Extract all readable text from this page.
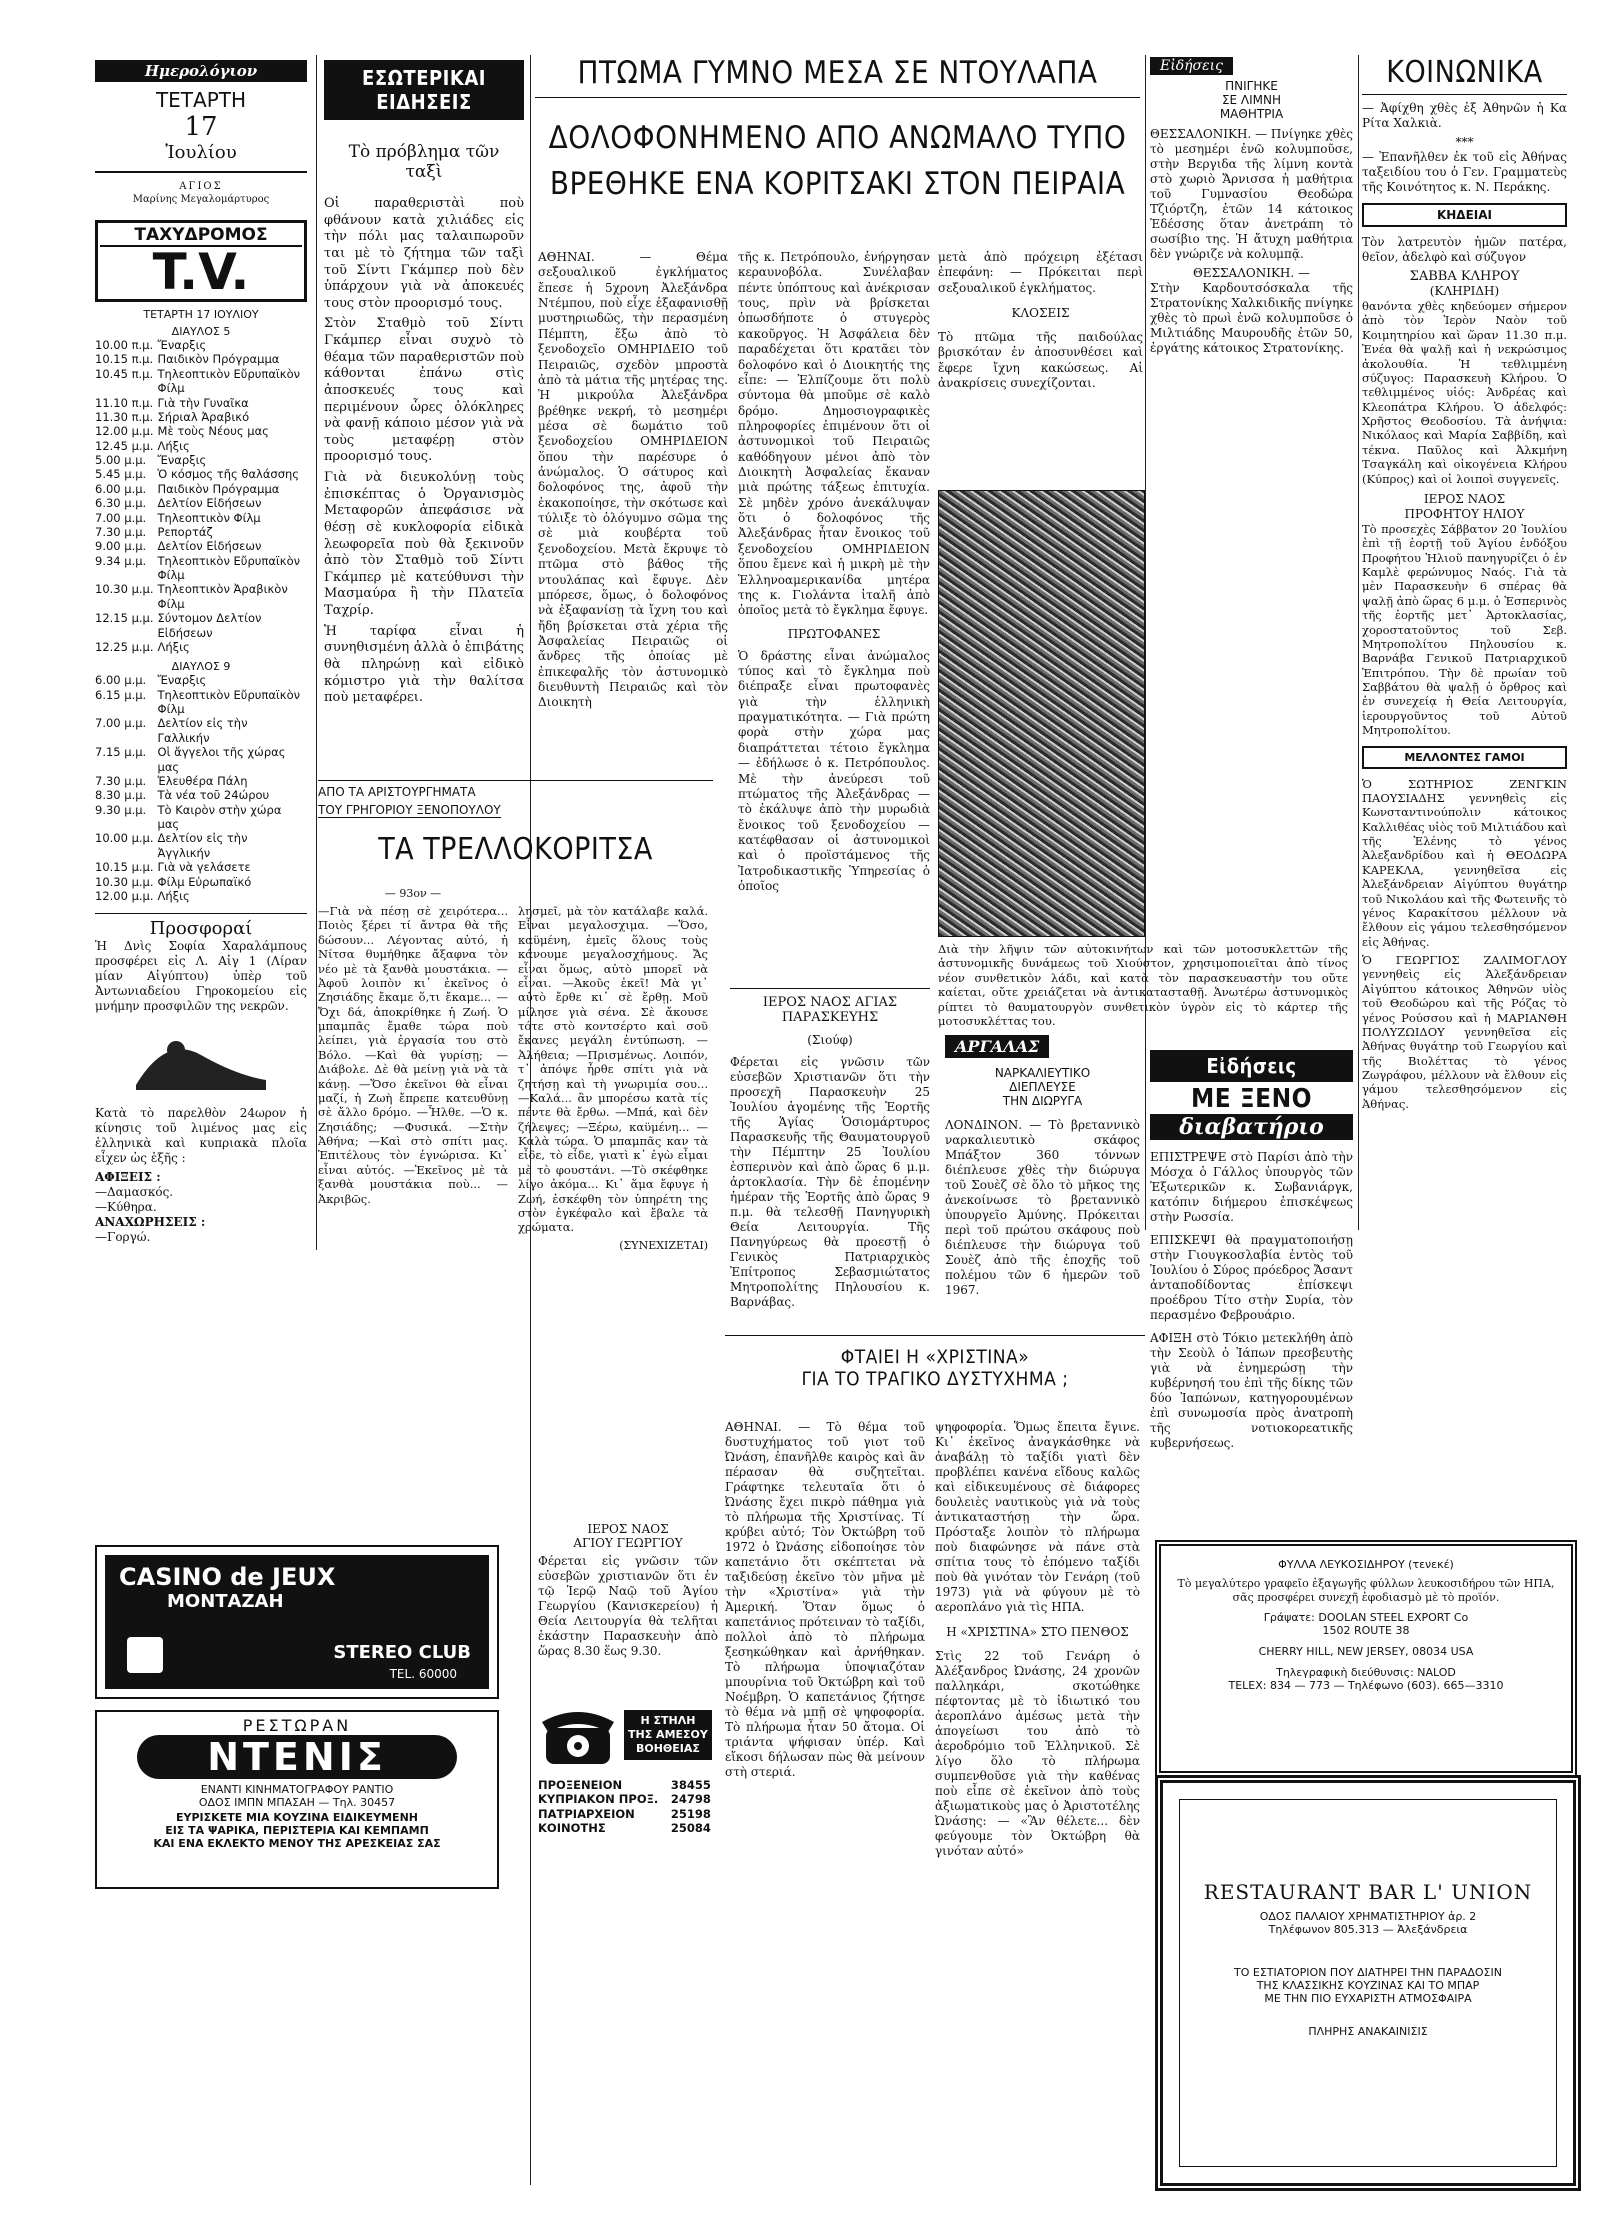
Ημερολόγιον
ΤΕΤΑΡΤΗ
17
Ἰουλίου
ΑΓΙΟΣ
Μαρίνης Μεγαλομάρτυρος
ΤΑΧΥΔΡΟΜΟΣ
T.V.
ΤΕΤΑΡΤΗ 17 ΙΟΥΛΙΟΥ
ΔΙΑΥΛΟΣ 5
10.00 π.μ.	Ἔναρξις
10.15 π.μ.	Παιδικὸν Πρόγραμμα
10.45 π.μ.	Τηλεοπτικὸν Εὔρυπαϊκὸν Φίλμ
11.10 π.μ.	Γιὰ τὴν Γυναῖκα
11.30 π.μ.	Σήριαλ Ἀραβικό
12.00 μ.μ.	Μὲ τοὺς Νέους μας
12.45 μ.μ.	Λήξις
5.00 μ.μ.	Ἔναρξις
5.45 μ.μ.	Ὁ κόσμος τῆς θαλάσσης
6.00 μ.μ.	Παιδικὸν Πρόγραμμα
6.30 μ.μ.	Δελτίον Εἰδήσεων
7.00 μ.μ.	Τηλεοπτικὸν Φίλμ
7.30 μ.μ.	Ρεπορτάζ
9.00 μ.μ.	Δελτίον Εἰδήσεων
9.34 μ.μ.	Τηλεοπτικὸν Εὔρυπαϊκὸν Φίλμ
10.30 μ.μ.	Τηλεοπτικὸν Ἀραβικὸν Φίλμ
12.15 μ.μ.	Σύντομον Δελτίον Εἰδήσεων
12.25 μ.μ.	Λήξις
ΔΙΑΥΛΟΣ 9
6.00 μ.μ.	Ἔναρξις
6.15 μ.μ.	Τηλεοπτικὸν Εὔρυπαϊκὸν Φίλμ
7.00 μ.μ.	Δελτίον εἰς τὴν Γαλλικήν
7.15 μ.μ.	Οἱ ἄγγελοι τῆς χώρας μας
7.30 μ.μ.	Ἐλευθέρα Πάλη
8.30 μ.μ.	Τὰ νέα τοῦ 24ώρου
9.30 μ.μ.	Τὸ Καιρὸν στὴν χώρα μας
10.00 μ.μ.	Δελτίον εἰς τὴν Ἀγγλικήν
10.15 μ.μ.	Γιὰ νὰ γελάσετε
10.30 μ.μ.	Φίλμ Εὐρωπαϊκό
12.00 μ.μ.	Λήξις
Προσφοραί

Ἡ Δνὶς Σοφία Χαραλάμπους προσφέρει εἰς Λ. Αἰγ 1 (Λίραν μίαν Αἰγύπτου) ὑπὲρ τοῦ Ἀντωνιαδείου Γηροκομείου εἰς μνήμην προσφιλῶν της νεκρῶν.

Κατὰ τὸ παρελθὸν 24ωρον ἡ κίνησις τοῦ λιμένος μας εἰς ἑλληνικὰ καὶ κυπριακὰ πλοῖα εἶχεν ὡς ἑξῆς :

ΑΦΙΞΕΙΣ :
—Δαμασκός.
—Κύθηρα.
ΑΝΑΧΩΡΗΣΕΙΣ :
—Γοργώ.
ΕΣΩΤΕΡΙΚΑΙ
ΕΙΔΗΣΕΙΣ
Τὸ πρόβλημα τῶν ταξὶ

Οἱ παραθεριστὰὶ ποὺ φθάνουν κατὰ χιλιάδες εἰς τὴν πόλι μας ταλαιπωροῦν ται μὲ τὸ ζήτημα τῶν ταξὶ τοῦ Σίντι Γκάμπερ ποὺ δὲν ὑπάρχουν γιὰ νὰ ἀποκευές τους στὸν προορισμό τους.

Στὸν Σταθμὸ τοῦ Σίντι Γκάμπερ εἶναι συχνὸ τὸ θέαμα τῶν παραθεριστῶν ποὺ κάθονται ἐπάνω στὶς ἀποσκευές τους καὶ περιμένουν ὧρες ὁλόκληρες νὰ φανῇ κάποιο μέσον γιὰ νὰ τοὺς μεταφέρῃ στὸν προορισμό τους.

Γιὰ νὰ διευκολύνῃ τοὺς ἐπισκέπτας ὁ Ὀργανισμὸς Μεταφορῶν ἀπεφάσισε νὰ θέσῃ σὲ κυκλοφορία εἰδικὰ λεωφορεῖα ποὺ θὰ ξεκινοῦν ἀπὸ τὸν Σταθμὸ τοῦ Σίντι Γκάμπερ μὲ κατεύθυνσι τὴν Μασμαύρα ἢ τὴν Πλατεῖα Ταχρίρ.

Ἡ ταρίφα εἶναι ἡ συνηθισμένη ἀλλὰ ὁ ἐπιβάτης θὰ πληρώνῃ καὶ εἰδικὸ κόμιστρο γιὰ τὴν θαλίτσα ποὺ μεταφέρει.

ΑΠΟ ΤΑ ΑΡΙΣΤΟΥΡΓΗΜΑΤΑ
ΤΟΥ ΓΡΗΓΟΡΙΟΥ ΞΕΝΟΠΟΥΛΟΥ
ΤΑ ΤΡΕΛΛΟΚΟΡΙΤΣΑ
— 93ον —

—Γιὰ νὰ πέσῃ σὲ χειρότερα... Ποιὸς ξέρει τί ἄντρα θὰ τῆς δώσουν... Λέγοντας αὐτό, ἡ Νίτσα θυμήθηκε ἄξαφνα τὸν νέο μὲ τὰ ξανθὰ μουστάκια. —Ἀφοῦ λοιπὸν κι᾿ ἐκεῖνος ὁ Ζησιάδης ἔκαμε ὅ,τι ἔκαμε... —Ὄχι δά, ἀποκρίθηκε ἡ Ζωή. Ὁ μπαμπᾶς ἔμαθε τώρα ποὺ λείπει, γιὰ ἐργασία του στὸ Βόλο. —Καὶ θὰ γυρίσῃ; —Διάβολε. Δὲ θὰ μείνῃ γιὰ νὰ τὰ κάνῃ. —Ὅσο ἐκεῖνοι θὰ εἶναι μαζί, ἡ Ζωὴ ἔπρεπε κατευθύνῃ σὲ ἄλλο δρόμο. —Ἦλθε. —Ὁ κ. Ζησιάδης; —Φυσικά. —Στὴν Ἀθήνα; —Καὶ στὸ σπίτι μας. Ἐπιτέλους τὸν ἐγνώρισα. Κι᾿ εἶναι αὐτός. —Ἐκεῖνος μὲ τὰ ξανθὰ μουστάκια ποὺ... —Ἀκριβῶς.

λησμεῖ, μὰ τὸν κατάλαβε καλά. Εἶναι μεγαλοσχιμα. —Ὅσο, καϋμένη, ἐμεῖς ὅλους τοὺς κάνουμε μεγαλοσχήμους. Ἄς εἶναι ὅμως, αὐτὸ μπορεῖ νὰ εἶναι. —Ἀκοῦς ἐκεῖ! Μὰ γι᾿ αὐτὸ ἔρθε κι᾿ σὲ ἔρθῃ. Μοῦ μίλησε γιὰ σένα. Σὲ ἄκουσε τότε στὸ κοντσέρτο καὶ σοῦ ἔκανες μεγάλη ἐντύπωση. —Ἀλήθεια; —Πρισμένως. Λοιπόν, τ᾿ ἀπόψε ἦρθε σπίτι γιὰ νὰ ζητήσῃ καὶ τὴ γνωριμία σου... —Καλά... ἂν μπορέσω κατὰ τίς πέντε θὰ ἔρθω. —Μπά, καὶ δὲν ζήλεψες; —Ξέρω, καϋμένη... —Καλὰ τώρα. Ὁ μπαμπᾶς καν τὰ εἶδε, τὸ εἶδε, γιατὶ κ᾿ ἐγὼ εἶμαι μὲ τὸ φουστάνι. —Τὸ σκέφθηκε λίγο ἀκόμα... Κι᾿ ἅμα ἔφυγε ἡ Ζωή, ἐσκέφθη τὸν ὑπηρέτη της στὸν ἐγκέφαλο καὶ ἔβαλε τὰ χρώματα.

(ΣΥΝΕΧΙΖΕΤΑΙ)
ΙΕΡΟΣ ΝΑΟΣ
ΑΓΙΟΥ ΓΕΩΡΓΙΟΥ

Φέρεται εἰς γνῶσιν τῶν εὐσεβῶν χριστιανῶν ὅτι ἐν τῷ Ἱερῷ Ναῷ τοῦ Ἁγίου Γεωργίου (Κανισκερείου) ἡ Θεία Λειτουργία θὰ τελῆται ἑκάστην Παρασκευὴν ἀπὸ ὥρας 8.30 ἕως 9.30.

Η ΣΤΗΛΗ
ΤΗΣ ΑΜΕΣΟΥ
ΒΟΗΘΕΙΑΣ
ΠΡΟΞΕΝΕΙΟΝ	38455
ΚΥΠΡΙΑΚΟΝ ΠΡΟΞ.	24798
ΠΑΤΡΙΑΡΧΕΙΟΝ	25198
ΚΟΙΝΟΤΗΣ	25084
ΠΤΩΜΑ ΓΥΜΝΟ ΜΕΣΑ ΣΕ ΝΤΟΥΛΑΠΑ
ΔΟΛΟΦΟΝΗΜΕΝΟ ΑΠΟ ΑΝΩΜΑΛΟ ΤΥΠΟ
ΒΡΕΘΗΚΕ ΕΝΑ ΚΟΡΙΤΣΑΚΙ ΣΤΟΝ ΠΕΙΡΑΙΑ

ΑΘΗΝΑΙ. — Θέμα σεξουαλικοῦ ἐγκλήματος ἔπεσε ἡ 5χρονη Ἀλεξάνδρα Ντέμπου, ποὺ εἶχε ἐξαφανισθῇ μυστηριωδῶς, τὴν περασμένη Πέμπτη, ἔξω ἀπὸ τὸ ξενοδοχεῖο ΟΜΗΡΙΔΕΙΟ τοῦ Πειραιῶς, σχεδὸν μπροστὰ ἀπὸ τὰ μάτια τῆς μητέρας της. Ἡ μικρούλα Ἀλεξάνδρα βρέθηκε νεκρή, τὸ μεσημέρι μέσα σὲ δωμάτιο τοῦ ξενοδοχείου ΟΜΗΡΙΔΕΙΟΝ ὅπου τὴν παρέσυρε ὁ ἀνώμαλος. Ὁ σάτυρος καὶ δολοφόνος της, ἀφοῦ τὴν ἐκακοποίησε, τὴν σκότωσε καὶ τύλιξε τὸ ὁλόγυμνο σῶμα της σὲ μιὰ κουβέρτα τοῦ ξενοδοχείου. Μετὰ ἔκρυψε τὸ πτῶμα στὸ βάθος τῆς ντουλάπας καὶ ἔφυγε. Δὲν μπόρεσε, ὅμως, ὁ δολοφόνος νὰ ἐξαφανίσῃ τὰ ἴχνη του καὶ ἤδη βρίσκεται στὰ χέρια τῆς Ἀσφαλείας Πειραιῶς οἱ ἄνδρες τῆς ὁποίας μὲ ἐπικεφαλῆς τὸν ἀστυνομικὸ διευθυντὴ Πειραιῶς καὶ τὸν Διοικητὴ

τῆς κ. Πετρόπουλο, ἐνήργησαν κεραυνοβόλα. Συνέλαβαν πέντε ὑπόπτους καὶ ἀνέκρισαν τους, πρὶν νὰ βρίσκεται ὁπωσδήποτε ὁ στυγερὸς κακοῦργος. Ἡ Ἀσφάλεια δὲν παραδέχεται ὅτι κρατᾶει τὸν δολοφόνο καὶ ὁ Διοικητής της εἶπε: — Ἐλπίζουμε ὅτι πολὺ σύντομα θὰ μποῦμε σὲ καλὸ δρόμο. Δημοσιογραφικὲς πληροφορίες ἐπιμένουν ὅτι οἱ ἀστυνομικοὶ τοῦ Πειραιῶς καθόδηγουν μένοι ἀπὸ τὸν Διοικητὴ Ἀσφαλείας ἔκαναν μιὰ πρώτης τάξεως ἐπιτυχία. Σὲ μηδὲν χρόνο ἀνεκάλυψαν ὅτι ὁ δολοφόνος τῆς Ἀλεξάνδρας ἦταν ἔνοικος τοῦ ξενοδοχείου ΟΜΗΡΙΔΕΙΟΝ ὅπου ἔμενε καὶ ἡ μικρὴ μὲ τὴν Ἑλληνοαμερικανίδα μητέρα της κ. Γιολάντα ἰταλῆ ἀπὸ ὁποῖος μετὰ τὸ ἔγκλημα ἔφυγε.

ΠΡΩΤΟΦΑΝΕΣ

Ὁ δράστης εἶναι ἀνώμαλος τύπος καὶ τὸ ἔγκλημα ποὺ διέπραξε εἶναι πρωτοφανὲς γιὰ τὴν ἑλληνικὴ πραγματικότητα. — Γιὰ πρώτη φορὰ στὴν χώρα μας διαπράττεται τέτοιο ἔγκλημα — ἐδήλωσε ὁ κ. Πετρόπουλος. Μὲ τὴν ἀνεύρεσι τοῦ πτώματος τῆς Ἀλεξάνδρας — τὸ ἐκάλυψε ἀπὸ τὴν μυρωδιὰ ἔνοικος τοῦ ξενοδοχείου — κατέφθασαν οἱ ἀστυνομικοὶ καὶ ὁ προϊστάμενος τῆς Ἰατροδικαστικῆς Ὑπηρεσίας ὁ ὁποῖος

μετὰ ἀπὸ πρόχειρη ἐξέτασι ἐπεφάνη: — Πρόκειται περὶ σεξουαλικοῦ ἐγκλήματος.

ΚΛΟΣΕΙΣ

Τὸ πτῶμα τῆς παιδούλας βρισκόταν ἐν ἀποσυνθέσει καὶ ἔφερε ἴχνη κακώσεως. Αἱ ἀνακρίσεις συνεχίζονται.

Διὰ τὴν λῆψιν τῶν αὐτοκινήτων καὶ τῶν μοτοσυκλεττῶν τῆς ἀστυνομικῆς δυνάμεως τοῦ Χιούστον, χρησιμοποιεῖται ἀπὸ τίνος νέον συνθετικὸν λάδι, καὶ κατὰ τὸν παρασκευαστὴν του οὔτε καίεται, οὔτε χρειάζεται νὰ ἀντικατασταθῇ. Ἀνωτέρω ἀστυνομικὸς ρίπτει τὸ θαυματουργὸν συνθετικὸν ὑγρὸν εἰς τὸ κάρτερ τῆς μοτοσυκλέττας του.

ΙΕΡΟΣ ΝΑΟΣ ΑΓΙΑΣ
ΠΑΡΑΣΚΕΥΗΣ
(Σιούφ)

Φέρεται εἰς γνῶσιν τῶν εὐσεβῶν Χριστιανῶν ὅτι τὴν προσεχῆ Παρασκευὴν 25 Ἰουλίου ἀγομένης τῆς Ἑορτῆς τῆς Ἁγίας Ὁσιομάρτυρος Παρασκευῆς τῆς Θαυματουργοῦ τὴν Πέμπτην 25 Ἰουλίου ἑσπερινὸν καὶ ἀπὸ ὥρας 6 μ.μ. ἀρτοκλασία. Τὴν δὲ ἐπομένην ἡμέραν τῆς Ἑορτῆς ἀπὸ ὥρας 9 π.μ. θὰ τελεσθῇ Πανηγυρικὴ Θεία Λειτουργία. Τῆς Πανηγύρεως θὰ προεστῇ ὁ Γενικὸς Πατριαρχικὸς Ἐπίτροπος Σεβασμιώτατος Μητροπολίτης Πηλουσίου κ. Βαρνάβας.

ΑΡΓΑΛΑΣ
ΝΑΡΚΑΛΙΕΥΤΙΚΟ
ΔΙΕΠΛΕΥΣΕ
ΤΗΝ ΔΙΩΡΥΓΑ

ΛΟΝΔΙΝΟΝ. — Τὸ βρεταννικὸ ναρκαλιευτικὸ σκάφος Μπάξτον 360 τόννων διέπλευσε χθὲς τὴν διώρυγα τοῦ Σουὲζ σὲ ὅλο τὸ μῆκος της ἀνεκοίνωσε τὸ βρεταννικὸ ὑπουργεῖο Ἀμύνης. Πρόκειται περὶ τοῦ πρώτου σκάφους ποὺ διέπλευσε τὴν διώρυγα τοῦ Σουὲζ ἀπὸ τῆς ἐποχῆς τοῦ πολέμου τῶν 6 ἡμερῶν τοῦ 1967.

ΦΤΑΙΕΙ Η «ΧΡΙΣΤΙΝΑ»
ΓΙΑ ΤΟ ΤΡΑΓΙΚΟ ΔΥΣΤΥΧΗΜΑ ;

ΑΘΗΝΑΙ. — Τὸ θέμα τοῦ δυστυχήματος τοῦ γιοτ τοῦ Ὠνάση, ἐπανῆλθε καιρὸς καὶ ἂν πέρασαν θὰ συζητεῖται. Γράφτηκε τελευταῖα ὅτι ὁ Ὠνάσης ἔχει πικρὸ πάθημα γιὰ τὸ πλήρωμα τῆς Χριστίνας. Τί κρύβει αὐτό; Τὸν Ὀκτώβρη τοῦ 1972 ὁ Ὠνάσης εἰδοποίησε τὸν καπετάνιο ὅτι σκέπτεται νὰ ταξιδεύσῃ ἐκεῖνο τὸν μῆνα μὲ τὴν «Χριστίνα» γιὰ τὴν Ἀμερική. Ὅταν ὅμως ὁ καπετάνιος πρότειναν τὸ ταξίδι, πολλοὶ ἀπὸ τὸ πλήρωμα ξεσηκώθηκαν καὶ ἀρνήθηκαν. Τὸ πλήρωμα ὑποψιαζόταν μπουρίνια τοῦ Ὀκτώβρη καὶ τοῦ Νοέμβρη. Ὁ καπετάνιος ζήτησε τὸ θέμα νὰ μπῇ σὲ ψηφοφορία. Τὸ πλήρωμα ἦταν 50 ἄτομα. Οἱ τριάντα ψήφισαν ὑπέρ. Καὶ εἴκοσι δήλωσαν πὼς θὰ μείνουν στὴ στεριά.

ψηφοφορία. Ὅμως ἔπειτα ἔγινε. Κι᾿ ἐκεῖνος ἀναγκάσθηκε νὰ ἀναβάλῃ τὸ ταξίδι γιατὶ δὲν προβλέπει κανένα εἴδους καλῶς καὶ εἰδικευμένους σὲ διάφορες δουλειὲς ναυτικοὺς γιὰ νὰ τοὺς ἀντικαταστήσῃ τὴν ὥρα. Πρόσταξε λοιπὸν τὸ πλήρωμα ποὺ διαφώνησε νὰ πάνε στὰ σπίτια τους τὸ ἐπόμενο ταξίδι ποὺ θὰ γινόταν τὸν Γενάρη (τοῦ 1973) γιὰ νὰ φύγουν μὲ τὸ αεροπλάνο γιὰ τὶς ΗΠΑ.

Η «ΧΡΙΣΤΙΝΑ» ΣΤΟ ΠΕΝΘΟΣ

Στὶς 22 τοῦ Γενάρη ὁ Ἀλέξανδρος Ὠνάσης, 24 χρονῶν παλληκάρι, σκοτώθηκε πέφτοντας μὲ τὸ ἰδιωτικό του ἀεροπλάνο ἀμέσως μετὰ τὴν ἀπογείωσι του ἀπὸ τὸ ἀεροδρόμιο τοῦ Ἑλληνικοῦ. Σὲ λίγο ὅλο τὸ πλήρωμα συμπενθοῦσε γιὰ τὴν καθένας ποὺ εἶπε σὲ ἐκεῖνον ἀπὸ τοὺς ἀξιωματικοὺς μας ὁ Ἀριστοτέλης Ὠνάσης: — «Ἂν θέλετε... δὲν φεύγουμε τὸν Ὀκτώβρη θὰ γινόταν αὐτό»

Εἰδήσεις
ΠΝΙΓΗΚΕ
ΣΕ ΛΙΜΝΗ
ΜΑΘΗΤΡΙΑ

ΘΕΣΣΑΛΟΝΙΚΗ. — Πνίγηκε χθὲς τὸ μεσημέρι ἐνῶ κολυμποῦσε, στὴν Βεργιδα τῆς λίμνη κοντὰ στὸ χωριὸ Ἄρνισσα ἡ μαθήτρια τοῦ Γυμνασίου Θεοδώρα Τζιόρτζη, ἐτῶν 14 κάτοικος Ἐδέσσης ὅταν ἀνετράπη τὸ σωσίβιο της. Ἡ ἄτυχη μαθήτρια δὲν γνώριζε νὰ κολυμπᾷ.

ΘΕΣΣΑΛΟΝΙΚΗ. —

Στὴν Καρδουτσόσκαλα τῆς Στρατονίκης Χαλκιδικῆς πνίγηκε χθὲς τὸ πρωὶ ἐνῶ κολυμποῦσε ὁ Μιλτιάδης Μαυρουδῆς ἐτῶν 50, ἐργάτης κάτοικος Στρατονίκης.

Εἰδήσεις
ΜΕ ΞΕΝΟ
διαβατήριο

ΕΠΙΣΤΡΕΨΕ στὸ Παρίσι ἀπὸ τὴν Μόσχα ὁ Γάλλος ὑπουργὸς τῶν Ἐξωτερικῶν κ. Σωβανιάργκ, κατόπιν διήμερου ἐπισκέψεως στὴν Ρωσσία.

ΕΠΙΣΚΕΨΙ θὰ πραγματοποιήσῃ στὴν Γιουγκοσλαβία ἐντὸς τοῦ Ἰουλίου ὁ Σύρος πρόεδρος Ἄσαντ ἀνταποδίδοντας ἐπίσκεψι προέδρου Τίτο στὴν Συρία, τὸν περασμένο Φεβρουάριο.

ΑΦΙΞΗ στὸ Τόκιο μετεκλήθη ἀπὸ τὴν Σεοὺλ ὁ Ἰάπων πρεσβευτὴς γιὰ νὰ ἐνημερώσῃ τὴν κυβέρνησή του ἐπὶ τῆς δίκης τῶν δύο Ἰαπώνων, κατηγορουμένων ἐπὶ συνωμοσία πρὸς ἀνατροπὴ τῆς νοτιοκορεατικῆς κυβερνήσεως.

ΚΟΙΝΩΝΙΚΑ

— Ἀφίχθη χθὲς ἐξ Ἀθηνῶν ἡ Κα Ρίτα Χαλκιὰ.

***

— Ἐπανῆλθεν ἐκ τοῦ εἰς Ἀθήνας ταξειδίου του ὁ Γεν. Γραμματεὺς τῆς Κοινότητος κ. Ν. Περάκης.

ΚΗΔΕΙΑΙ

Τὸν λατρευτὸν ἡμῶν πατέρα, θεῖον, ἀδελφὸ καὶ σύζυγον

ΣΑΒΒΑ ΚΛΗΡΟΥ
(ΚΛΗΡΙΔΗ)

θανόντα χθὲς κηδεύομεν σήμερον ἀπὸ τὸν Ἱερὸν Ναὸν τοῦ Κοιμητηρίου καὶ ὥραν 11.30 π.μ. Ἐνέα θὰ ψαλῇ καὶ ἡ νεκρώσιμος ἀκολουθία. Ἡ τεθλιμμένη σύζυγος: Παρασκευὴ Κλήρου. Ὁ τεθλιμμένος υἱός: Ἀνδρέας καὶ Κλεοπάτρα Κλήρου. Ὁ ἀδελφός: Χρῆστος Θεοδοσίου. Τὰ ἀνήψια: Νικόλαος καὶ Μαρία Σαββίδη, καὶ τέκνα. Παῦλος καὶ Ἀλκμήνη Τσαγκάλη καὶ οἰκογένεια Κλήρου (Κύπρος) καὶ οἱ λοιποὶ συγγενεῖς.

ΙΕΡΟΣ ΝΑΟΣ
ΠΡΟΦΗΤΟΥ ΗΛΙΟΥ

Τὸ προσεχὲς Σάββατον 20 Ἰουλίου ἐπὶ τῇ ἑορτῇ τοῦ Ἁγίου ἐνδόξου Προφήτου Ἠλιοῦ πανηγυρίζει ὁ ἐν Καμλὲ φερώνυμος Ναός. Γιὰ τὰ μὲν Παρασκευὴν 6 σπέρας θὰ ψαλῇ ἀπὸ ὥρας 6 μ.μ. ὁ Ἑσπερινὸς τῆς ἑορτῆς μετ᾿ Ἀρτοκλασίας, χοροστατοῦντος τοῦ Σεβ. Μητροπολίτου Πηλουσίου κ. Βαρνάβα Γενικοῦ Πατριαρχικοῦ Ἐπιτρόπου. Τὴν δὲ πρωίαν τοῦ Σαββάτου θὰ ψαλῇ ὁ ὄρθρος καὶ ἐν συνεχείᾳ ἡ Θεία Λειτουργία, ἱερουργοῦντος τοῦ Αὐτοῦ Μητροπολίτου.

ΜΕΛΛΟΝΤΕΣ ΓΑΜΟΙ

Ὁ ΣΩΤΗΡΙΟΣ ΖΕΝΓΚΙΝ ΠΑΟΥΣΙΑΔΗΣ γεννηθεὶς εἰς Κωνσταντινούπολιν κάτοικος Καλλιθέας υἱὸς τοῦ Μιλτιάδου καὶ τῆς Ἑλένης τὸ γένος Ἀλεξανδρίδου καὶ ἡ ΘΕΟΔΩΡΑ ΚΑΡΕΚΛΑ, γεννηθεῖσα εἰς Ἀλεξάνδρειαν Αἰγύπτου θυγάτηρ τοῦ Νικολάου καὶ τῆς Φωτεινῆς τὸ γένος Καρακίτσου μέλλουν νὰ ἔλθουν εἰς γάμου τελεσθησόμενον εἰς Ἀθήνας.

Ὁ ΓΕΩΡΓΙΟΣ ΖΑΛΙΜΟΓΛΟΥ γεννηθεὶς εἰς Ἀλεξάνδρειαν Αἰγύπτου κάτοικος Ἀθηνῶν υἱὸς τοῦ Θεοδώρου καὶ τῆς Ρόζας τὸ γένος Ρούσσου καὶ ἡ ΜΑΡΙΑΝΘΗ ΠΟΛΥΖΩΙΔΟΥ γεννηθεῖσα εἰς Ἀθήνας θυγάτηρ τοῦ Γεωργίου καὶ τῆς Βιολέττας τὸ γένος Ζωγράφου, μέλλουν νὰ ἔλθουν εἰς γάμου τελεσθησόμενον εἰς Ἀθήνας.

CASINO de JEUX
ΜΟΝΤΑΖΑΗ
STEREO CLUB
TEL. 60000
ΡΕΣΤΩΡΑΝ
ΝΤΕΝΙΣ
ΕΝΑΝΤΙ ΚΙΝΗΜΑΤΟΓΡΑΦΟΥ ΡΑΝΤΙΟ
ΟΔΟΣ ΙΜΠΝ ΜΠΑΣΑΗ — Τηλ. 30457
ΕΥΡΙΣΚΕΤΕ ΜΙΑ ΚΟΥΖΙΝΑ ΕΙΔΙΚΕΥΜΕΝΗ
ΕΙΣ ΤΑ ΨΑΡΙΚΑ, ΠΕΡΙΣΤΕΡΙΑ ΚΑΙ ΚΕΜΠΑΜΠ
ΚΑΙ ΕΝΑ ΕΚΛΕΚΤΟ ΜΕΝΟΥ ΤΗΣ ΑΡΕΣΚΕΙΑΣ ΣΑΣ
ΦΥΛΛΑ ΛΕΥΚΟΣΙΔΗΡΟΥ (τενεκέ)

Τὸ μεγαλύτερο γραφεῖο ἐξαγωγῆς φύλλων λευκοσιδήρου τῶν ΗΠΑ, σᾶς προσφέρει συνεχῆ ἐφοδιασμὸ μὲ τὸ προϊόν.

Γράψατε: DOOLAN STEEL EXPORT Co
1502 ROUTE 38
CHERRY HILL, NEW JERSEY, 08034 USA
Τηλεγραφικὴ διεύθυνσις: NALOD
TELEX: 834 — 773 — Τηλέφωνο (603). 665—3310
RESTAURANT BAR L' UNION
ΟΔΟΣ ΠΑΛΑΙΟΥ ΧΡΗΜΑΤΙΣΤΗΡΙΟΥ ἀρ. 2
Τηλέφωνον 805.313 — Ἀλεξάνδρεια
ΤΟ ΕΣΤΙΑΤΟΡΙΟΝ ΠΟΥ ΔΙΑΤΗΡΕΙ ΤΗΝ ΠΑΡΑΔΟΣΙΝ
ΤΗΣ ΚΛΑΣΣΙΚΗΣ ΚΟΥΖΙΝΑΣ ΚΑΙ ΤΟ ΜΠΑΡ
ΜΕ ΤΗΝ ΠΙΟ ΕΥΧΑΡΙΣΤΗ ΑΤΜΟΣΦΑΙΡΑ
ΠΛΗΡΗΣ ΑΝΑΚΑΙΝΙΣΙΣ
